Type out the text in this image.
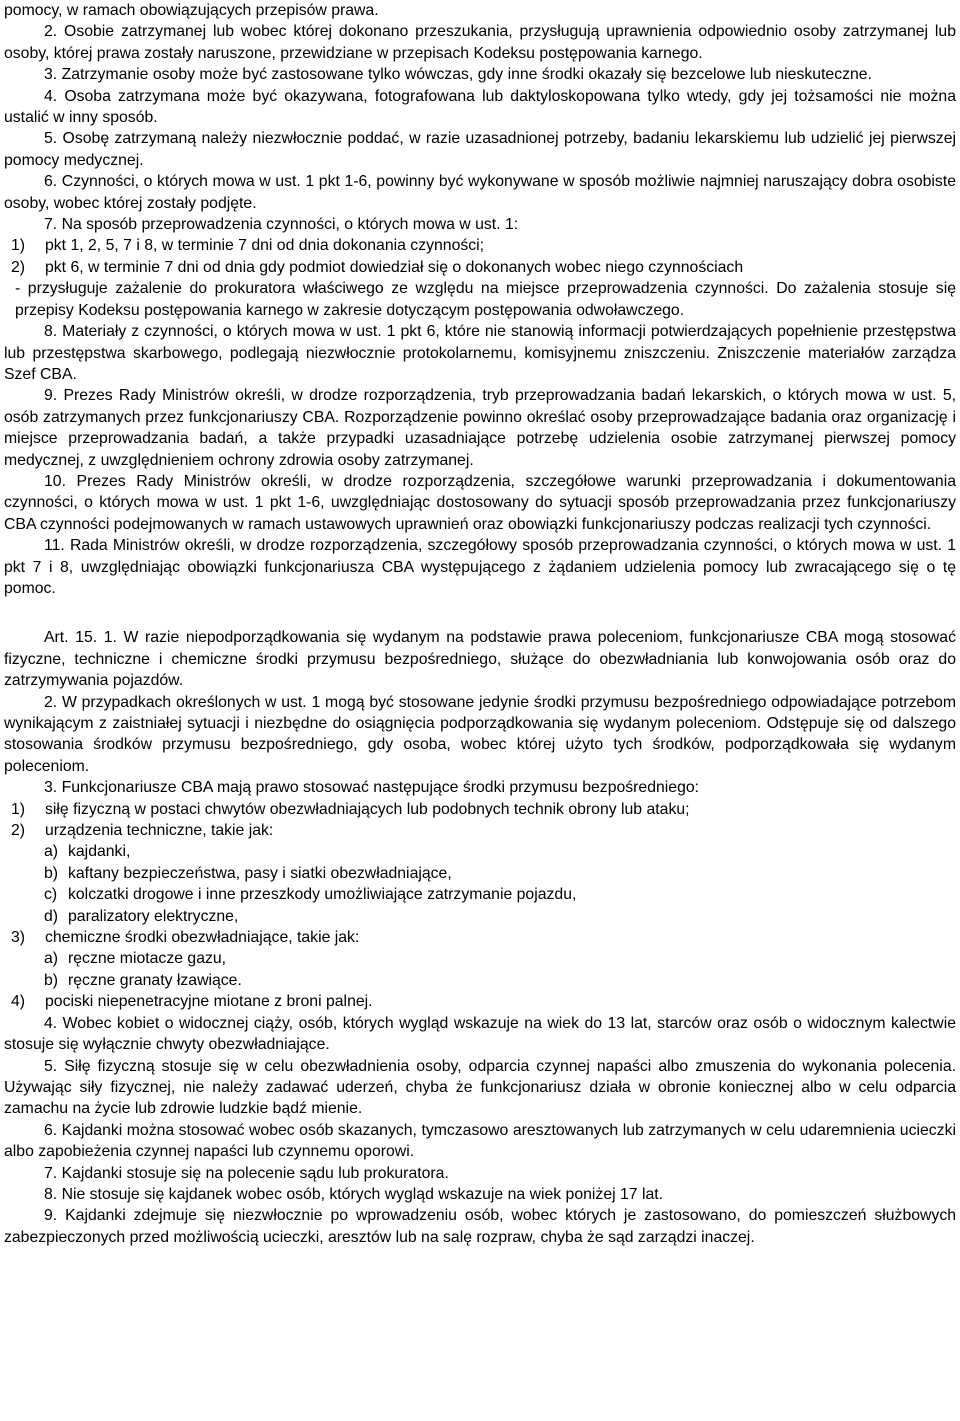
pomocy, w ramach obowiązujących przepisów prawa.

2. Osobie zatrzymanej lub wobec której dokonano przeszukania, przysługują uprawnienia odpowiednio osoby zatrzymanej lub osoby, której prawa zostały naruszone, przewidziane w przepisach Kodeksu postępowania karnego.

3. Zatrzymanie osoby może być zastosowane tylko wówczas, gdy inne środki okazały się bezcelowe lub nieskuteczne.

4. Osoba zatrzymana może być okazywana, fotografowana lub daktyloskopowana tylko wtedy, gdy jej tożsamości nie można ustalić w inny sposób.

5. Osobę zatrzymaną należy niezwłocznie poddać, w razie uzasadnionej potrzeby, badaniu lekarskiemu lub udzielić jej pierwszej pomocy medycznej.

6. Czynności, o których mowa w ust. 1 pkt 1-6, powinny być wykonywane w sposób możliwie najmniej naruszający dobra osobiste osoby, wobec której zostały podjęte.

7. Na sposób przeprowadzenia czynności, o których mowa w ust. 1:

1)	pkt 1, 2, 5, 7 i 8, w terminie 7 dni od dnia dokonania czynności;
2)	pkt 6, w terminie 7 dni od dnia gdy podmiot dowiedział się o dokonanych wobec niego czynnościach

- przysługuje zażalenie do prokuratora właściwego ze względu na miejsce przeprowadzenia czynności. Do zażalenia stosuje się przepisy Kodeksu postępowania karnego w zakresie dotyczącym postępowania odwoławczego.

8. Materiały z czynności, o których mowa w ust. 1 pkt 6, które nie stanowią informacji potwierdzających popełnienie przestępstwa lub przestępstwa skarbowego, podlegają niezwłocznie protokolarnemu, komisyjnemu zniszczeniu. Zniszczenie materiałów zarządza Szef CBA.

9. Prezes Rady Ministrów określi, w drodze rozporządzenia, tryb przeprowadzania badań lekarskich, o których mowa w ust. 5, osób zatrzymanych przez funkcjonariuszy CBA. Rozporządzenie powinno określać osoby przeprowadzające badania oraz organizację i miejsce przeprowadzania badań, a także przypadki uzasadniające potrzebę udzielenia osobie zatrzymanej pierwszej pomocy medycznej, z uwzględnieniem ochrony zdrowia osoby zatrzymanej.

10. Prezes Rady Ministrów określi, w drodze rozporządzenia, szczegółowe warunki przeprowadzania i dokumentowania czynności, o których mowa w ust. 1 pkt 1-6, uwzględniając dostosowany do sytuacji sposób przeprowadzania przez funkcjonariuszy CBA czynności podejmowanych w ramach ustawowych uprawnień oraz obowiązki funkcjonariuszy podczas realizacji tych czynności.

11. Rada Ministrów określi, w drodze rozporządzenia, szczegółowy sposób przeprowadzania czynności, o których mowa w ust. 1 pkt 7 i 8, uwzględniając obowiązki funkcjonariusza CBA występującego z żądaniem udzielenia pomocy lub zwracającego się o tę pomoc.

Art. 15. 1. W razie niepodporządkowania się wydanym na podstawie prawa poleceniom, funkcjonariusze CBA mogą stosować fizyczne, techniczne i chemiczne środki przymusu bezpośredniego, służące do obezwładniania lub konwojowania osób oraz do zatrzymywania pojazdów.

2. W przypadkach określonych w ust. 1 mogą być stosowane jedynie środki przymusu bezpośredniego odpowiadające potrzebom wynikającym z zaistniałej sytuacji i niezbędne do osiągnięcia podporządkowania się wydanym poleceniom. Odstępuje się od dalszego stosowania środków przymusu bezpośredniego, gdy osoba, wobec której użyto tych środków, podporządkowała się wydanym poleceniom.

3. Funkcjonariusze CBA mają prawo stosować następujące środki przymusu bezpośredniego:

1)	siłę fizyczną w postaci chwytów obezwładniających lub podobnych technik obrony lub ataku;
2)	urządzenia techniczne, takie jak:
a) kajdanki,
b) kaftany bezpieczeństwa, pasy i siatki obezwładniające,
c) kolczatki drogowe i inne przeszkody umożliwiające zatrzymanie pojazdu,
d) paralizatory elektryczne,
3)	chemiczne środki obezwładniające, takie jak:
a) ręczne miotacze gazu,
b) ręczne granaty łzawiące.
4)	pociski niepenetracyjne miotane z broni palnej.

4. Wobec kobiet o widocznej ciąży, osób, których wygląd wskazuje na wiek do 13 lat, starców oraz osób o widocznym kalectwie stosuje się wyłącznie chwyty obezwładniające.

5. Siłę fizyczną stosuje się w celu obezwładnienia osoby, odparcia czynnej napaści albo zmuszenia do wykonania polecenia. Używając siły fizycznej, nie należy zadawać uderzeń, chyba że funkcjonariusz działa w obronie koniecznej albo w celu odparcia zamachu na życie lub zdrowie ludzkie bądź mienie.

6. Kajdanki można stosować wobec osób skazanych, tymczasowo aresztowanych lub zatrzymanych w celu udaremnienia ucieczki albo zapobieżenia czynnej napaści lub czynnemu oporowi.

7. Kajdanki stosuje się na polecenie sądu lub prokuratora.

8. Nie stosuje się kajdanek wobec osób, których wygląd wskazuje na wiek poniżej 17 lat.

9. Kajdanki zdejmuje się niezwłocznie po wprowadzeniu osób, wobec których je zastosowano, do pomieszczeń służbowych zabezpieczonych przed możliwością ucieczki, aresztów lub na salę rozpraw, chyba że sąd zarządzi inaczej.
